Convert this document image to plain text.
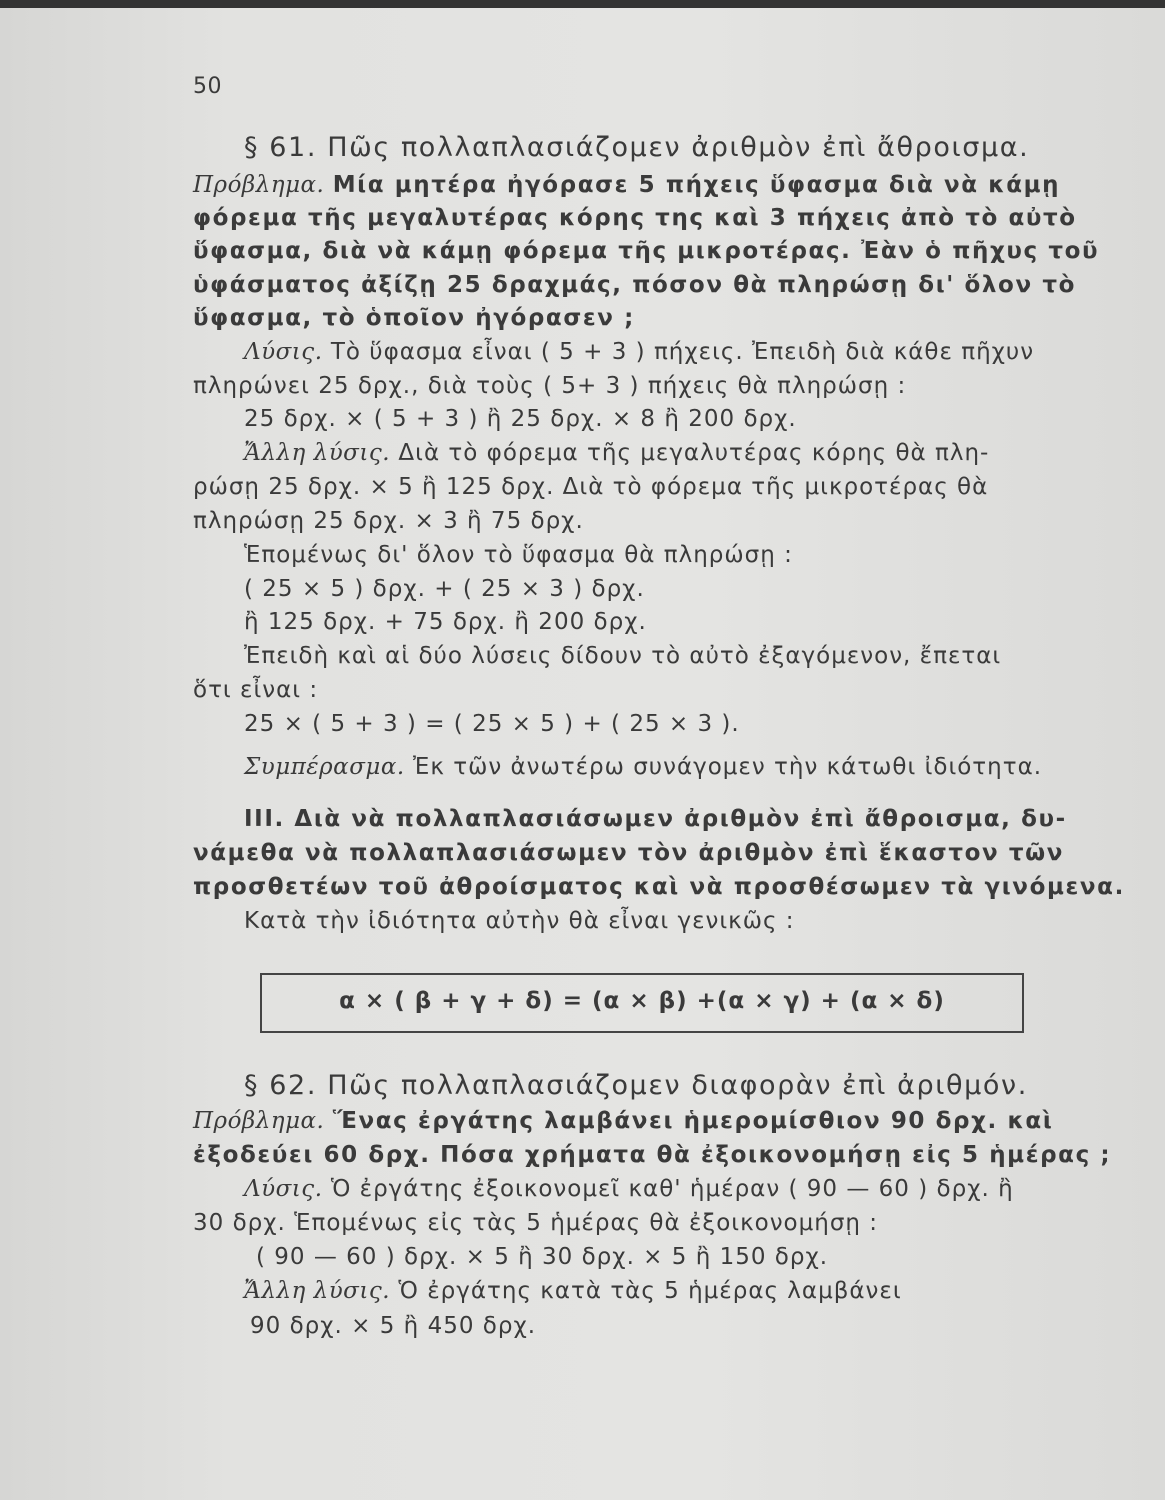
50
§ 61. Πῶς πολλαπλασιάζομεν ἀριθμὸν ἐπὶ ἄθροισμα.
Πρόβλημα. Μία μητέρα ἠγόρασε 5 πήχεις ὕφασμα διὰ νὰ κάμῃ
φόρεμα τῆς μεγαλυτέρας κόρης της καὶ 3 πήχεις ἀπὸ τὸ αὐτὸ
ὕφασμα, διὰ νὰ κάμῃ φόρεμα τῆς μικροτέρας. Ἐὰν ὁ πῆχυς τοῦ
ὑφάσματος ἀξίζῃ 25 δραχμάς, πόσον θὰ πληρώσῃ δι' ὅλον τὸ
ὕφασμα, τὸ ὁποῖον ἠγόρασεν ;
Λύσις. Τὸ ὕφασμα εἶναι ( 5 + 3 ) πήχεις. Ἐπειδὴ διὰ κάθε πῆχυν
πληρώνει 25 δρχ., διὰ τοὺς ( 5+ 3 ) πήχεις θὰ πληρώσῃ :
25 δρχ. × ( 5 + 3 ) ἢ 25 δρχ. × 8 ἢ 200 δρχ.
Ἄλλη λύσις. Διὰ τὸ φόρεμα τῆς μεγαλυτέρας κόρης θὰ πλη-
ρώσῃ 25 δρχ. × 5 ἢ 125 δρχ. Διὰ τὸ φόρεμα τῆς μικροτέρας θὰ
πληρώσῃ 25 δρχ. × 3 ἢ 75 δρχ.
Ἑπομένως δι' ὅλον τὸ ὕφασμα θὰ πληρώσῃ :
( 25 × 5 ) δρχ. + ( 25 × 3 ) δρχ.
ἢ 125 δρχ. + 75 δρχ. ἢ 200 δρχ.
Ἐπειδὴ καὶ αἱ δύο λύσεις δίδουν τὸ αὐτὸ ἐξαγόμενον, ἔπεται
ὅτι εἶναι :
25 × ( 5 + 3 ) = ( 25 × 5 ) + ( 25 × 3 ).
Συμπέρασμα. Ἐκ τῶν ἀνωτέρω συνάγομεν τὴν κάτωθι ἰδιότητα.
ΙΙΙ. Διὰ νὰ πολλαπλασιάσωμεν ἀριθμὸν ἐπὶ ἄθροισμα, δυ-
νάμεθα νὰ πολλαπλασιάσωμεν τὸν ἀριθμὸν ἐπὶ ἕκαστον τῶν
προσθετέων τοῦ ἀθροίσματος καὶ νὰ προσθέσωμεν τὰ γινόμενα.
Κατὰ τὴν ἰδιότητα αὐτὴν θὰ εἶναι γενικῶς :
α × ( β + γ + δ) = (α × β) +(α × γ) + (α × δ)
§ 62. Πῶς πολλαπλασιάζομεν διαφορὰν ἐπὶ ἀριθμόν.
Πρόβλημα. Ἕνας ἐργάτης λαμβάνει ἡμερομίσθιον 90 δρχ. καὶ
ἐξοδεύει 60 δρχ. Πόσα χρήματα θὰ ἐξοικονομήσῃ εἰς 5 ἡμέρας ;
Λύσις. Ὁ ἐργάτης ἐξοικονομεῖ καθ' ἡμέραν ( 90 — 60 ) δρχ. ἢ
30 δρχ. Ἑπομένως εἰς τὰς 5 ἡμέρας θὰ ἐξοικονομήσῃ :
( 90 — 60 ) δρχ. × 5 ἢ 30 δρχ. × 5 ἢ 150 δρχ.
Ἄλλη λύσις. Ὁ ἐργάτης κατὰ τὰς 5 ἡμέρας λαμβάνει
90 δρχ. × 5 ἢ 450 δρχ.
